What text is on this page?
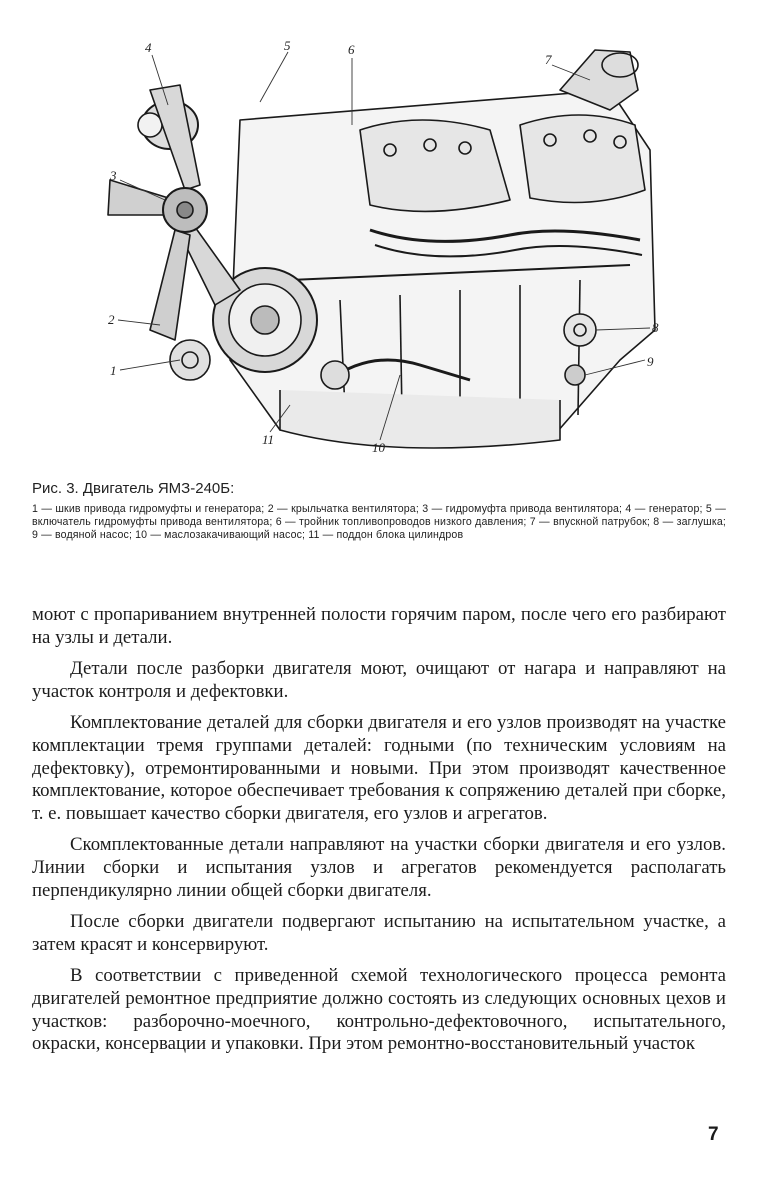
4	5	6
7
3
2
1
11
10
8
9
Рис. 3. Двигатель ЯМЗ-240Б:
1 — шкив привода гидромуфты и генератора; 2 — крыльчатка вентилятора; 3 — гидромуфта привода вентилятора; 4 — генератор; 5 — включатель гидромуфты привода вентилятора; 6 — тройник топливопроводов низкого давления; 7 — впускной патрубок; 8 — заглушка; 9 — водяной насос; 10 — маслозакачивающий насос; 11 — поддон блока цилиндров

моют с пропариванием внутренней полости горячим паром, после чего его разбирают на узлы и детали.

Детали после разборки двигателя моют, очищают от нагара и направляют на участок контроля и дефектовки.

Комплектование деталей для сборки двигателя и его узлов производят на участке комплектации тремя группами деталей: годными (по техническим условиям на дефектовку), отремонтированными и новыми. При этом производят качественное комплектование, которое обеспечивает требования к сопряжению деталей при сборке, т. е. повышает качество сборки двигателя, его узлов и агрегатов.

Скомплектованные детали направляют на участки сборки двигателя и его узлов. Линии сборки и испытания узлов и агрегатов рекомендуется располагать перпендикулярно линии общей сборки двигателя.

После сборки двигатели подвергают испытанию на испытательном участке, а затем красят и консервируют.

В соответствии с приведенной схемой технологического процесса ремонта двигателей ремонтное предприятие должно состоять из следующих основных цехов и участков: разборочно-моечного, контрольно-дефектовочного, испытательного, окраски, консервации и упаковки. При этом ремонтно-восстановительный участок

7
